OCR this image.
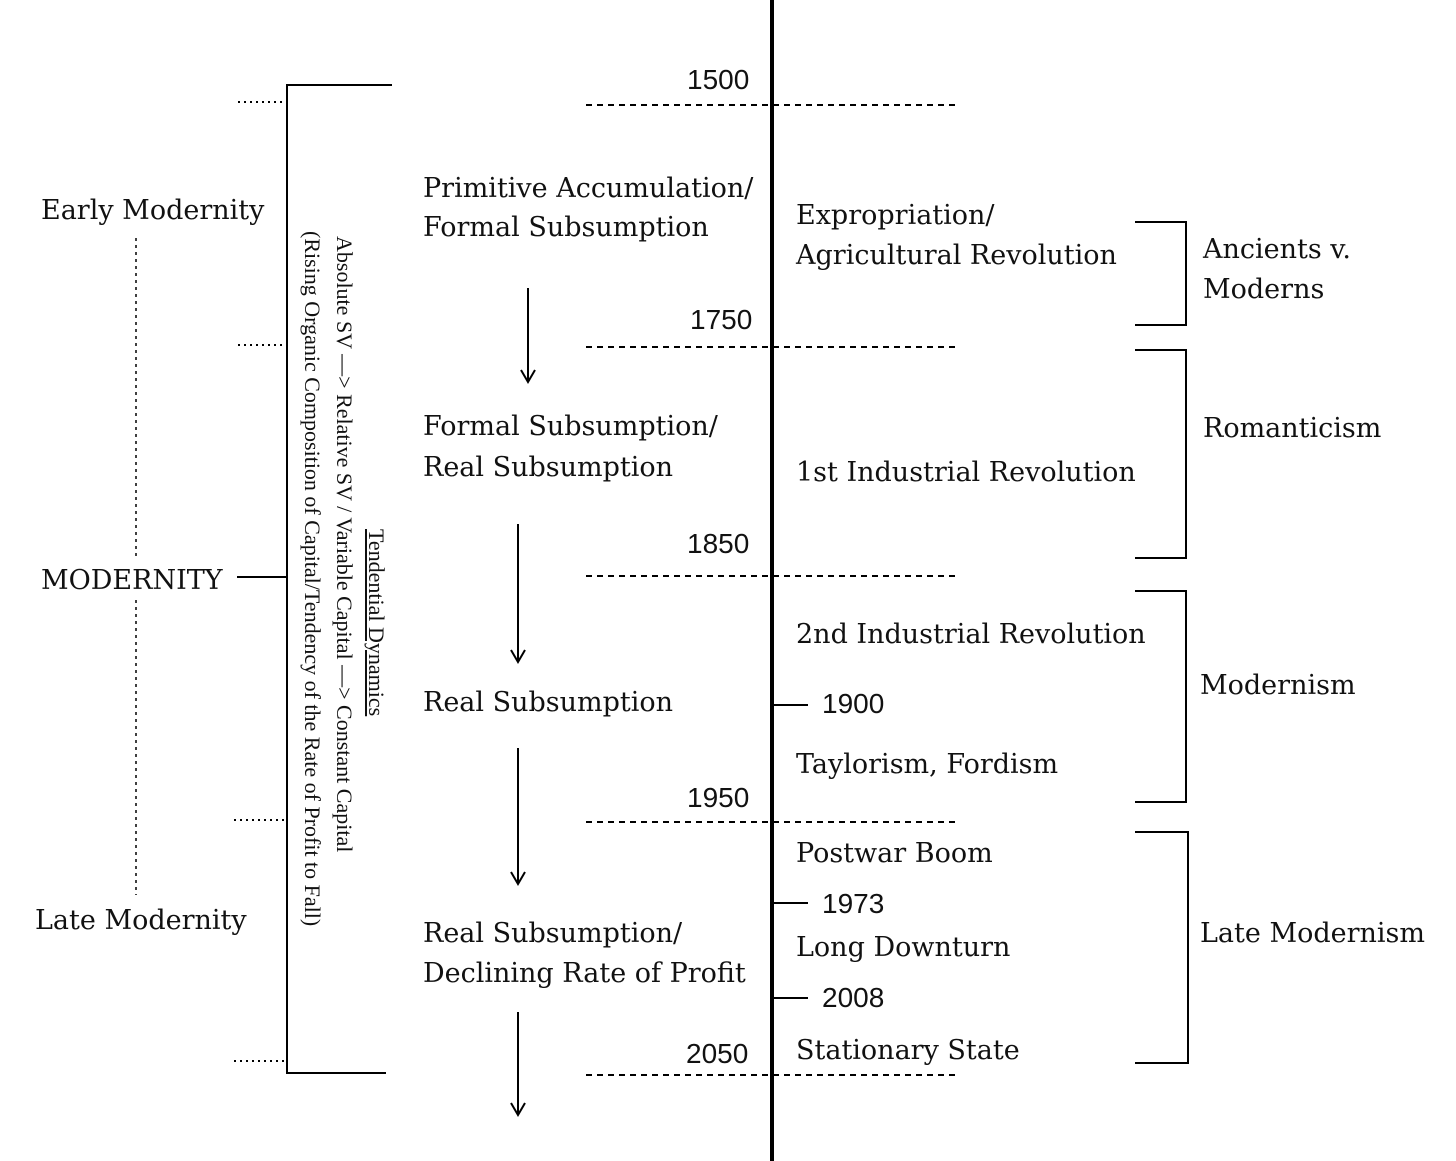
Early Modernity
MODERNITY
Late Modernity
Tendential Dynamics
Absolute SV —> Relative SV / Variable Capital —> Constant Capital
(Rising Organic Composition of Capital/Tendency of the Rate of Profit to Fall)
Primitive Accumulation/
Formal Subsumption
Formal Subsumption/
Real Subsumption
Real Subsumption
Real Subsumption/
Declining Rate of Profit
1500
1750
1850
1950
2050
1900
1973
2008
Expropriation/
Agricultural Revolution
1st Industrial Revolution
2nd Industrial Revolution
Taylorism, Fordism
Postwar Boom
Long Downturn
Stationary State
Ancients v.
Moderns
Romanticism
Modernism
Late Modernism
